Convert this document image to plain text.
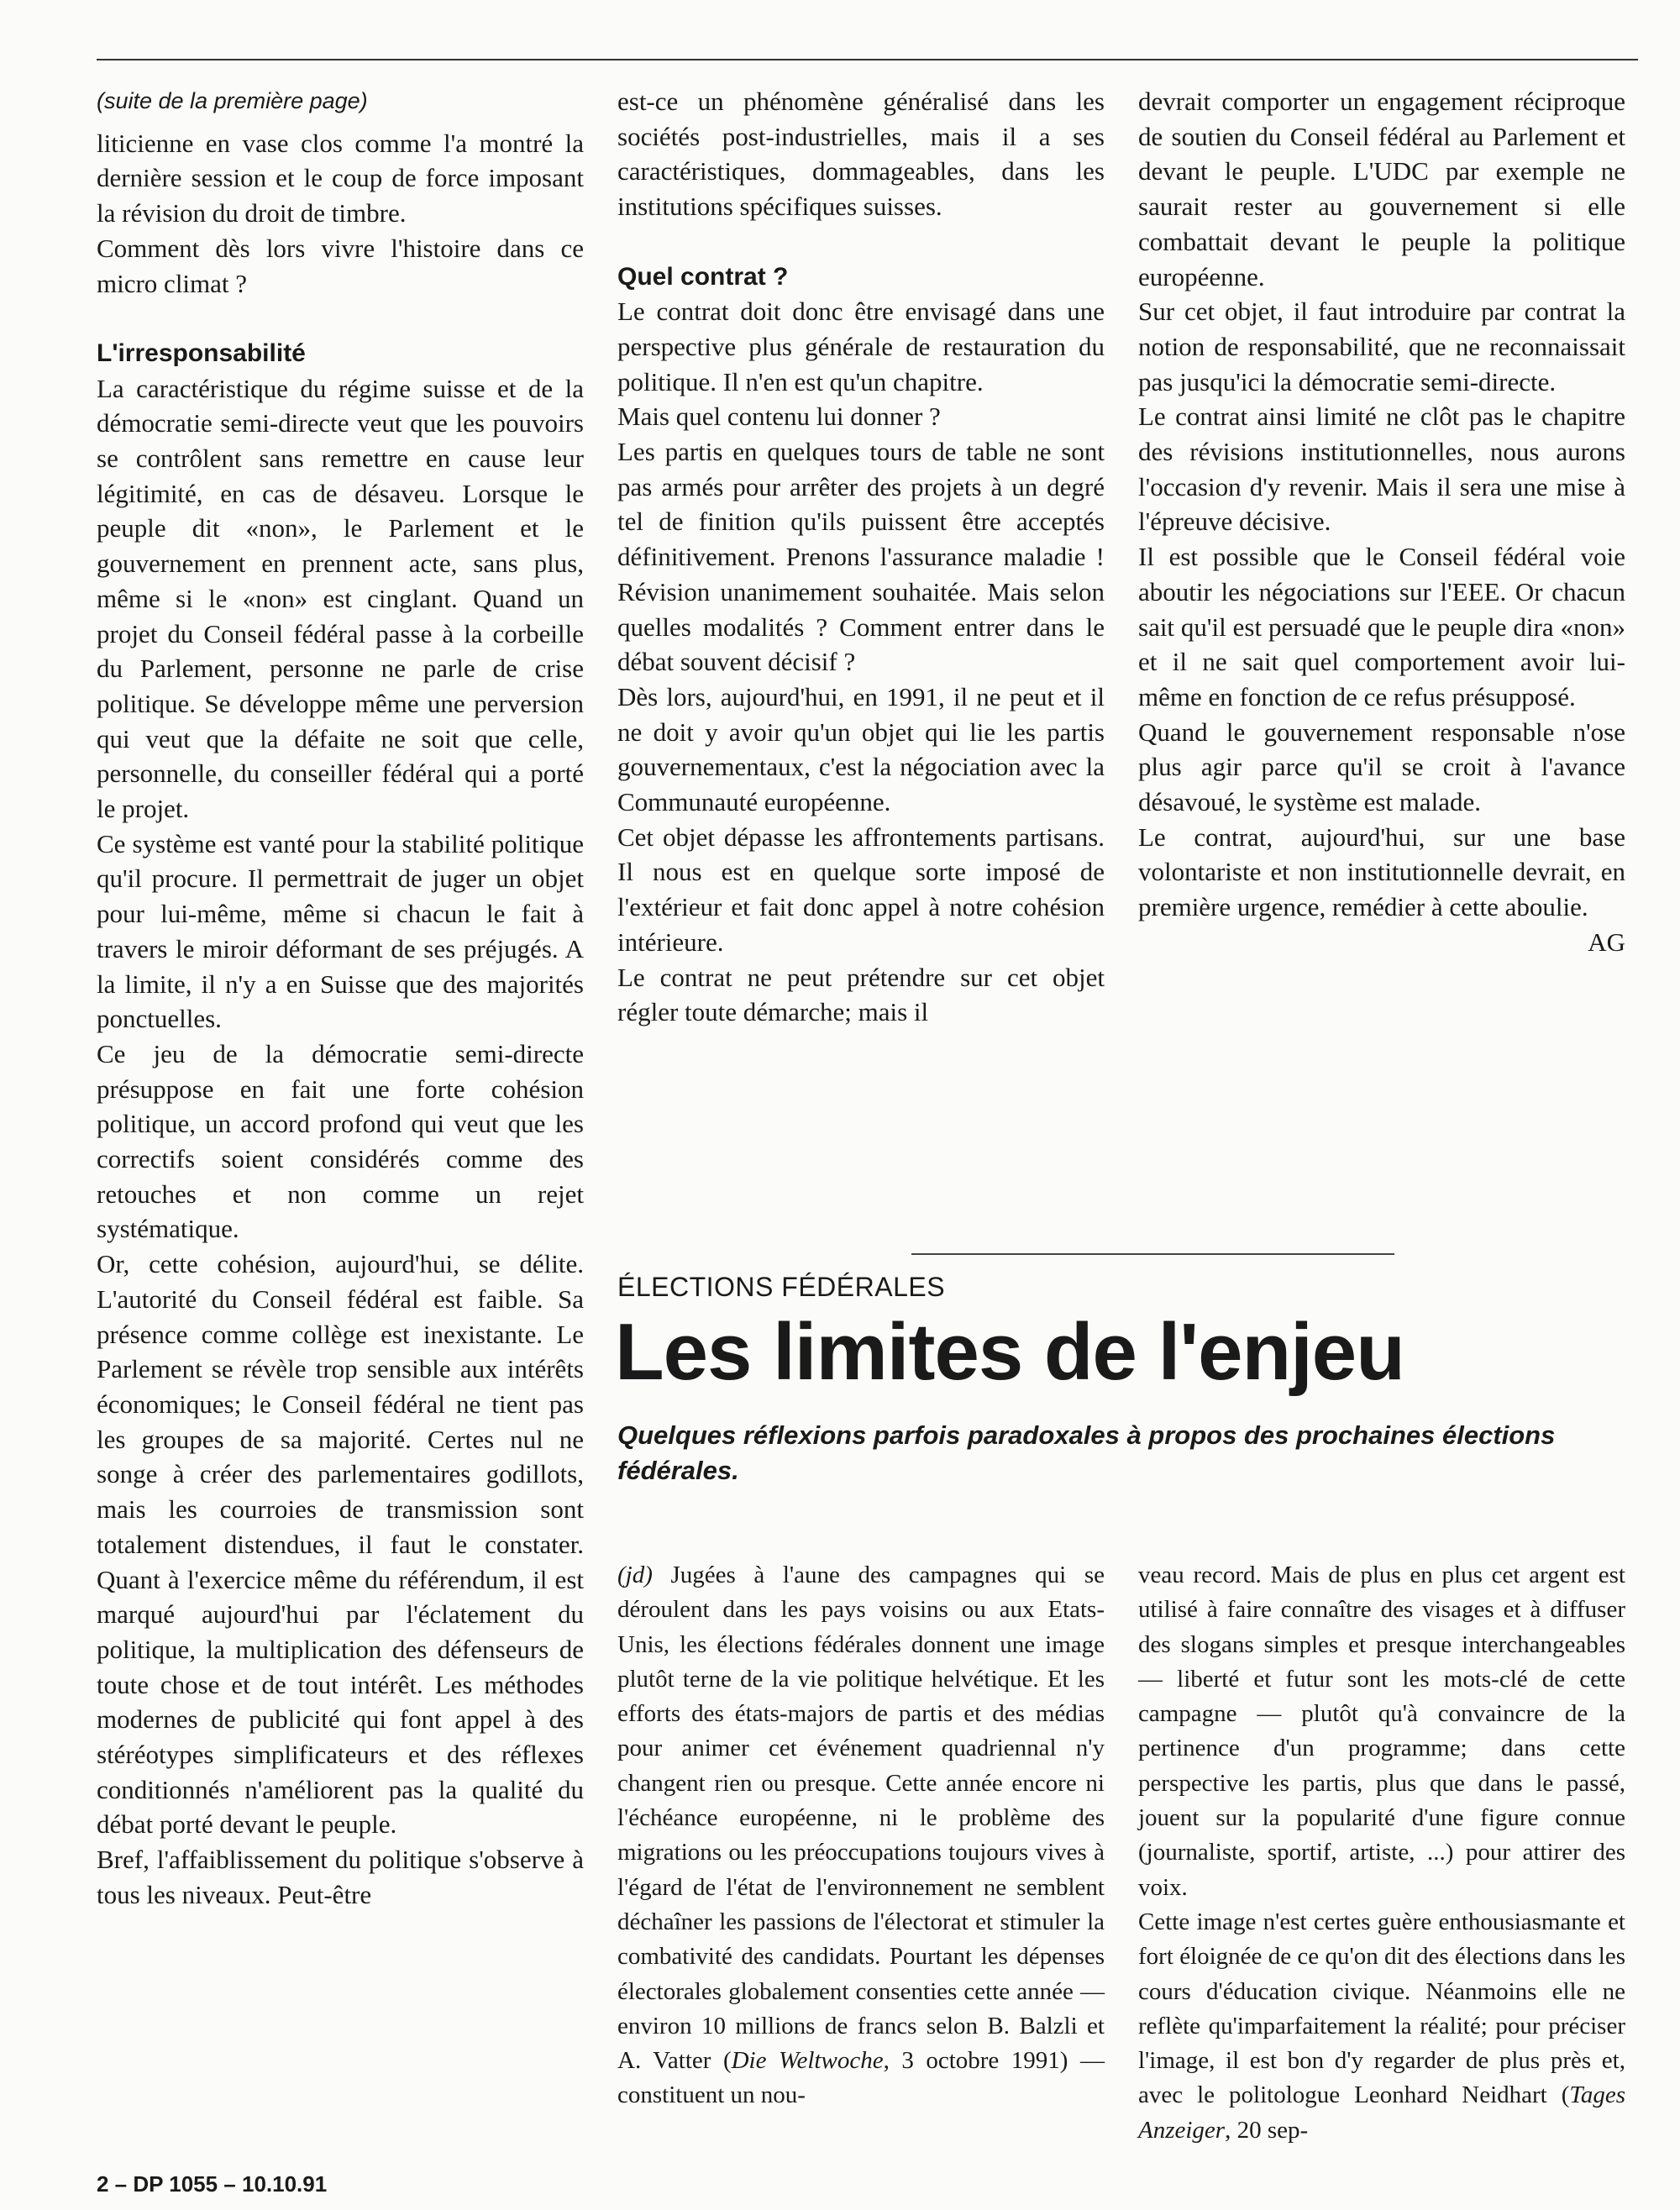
(suite de la première page)

liticienne en vase clos comme l'a montré la dernière session et le coup de force imposant la révision du droit de timbre.

Comment dès lors vivre l'histoire dans ce micro climat ?

L'irresponsabilité

La caractéristique du régime suisse et de la démocratie semi-directe veut que les pouvoirs se contrôlent sans remettre en cause leur légitimité, en cas de désaveu. Lorsque le peuple dit «non», le Parlement et le gouvernement en prennent acte, sans plus, même si le «non» est cinglant. Quand un projet du Conseil fédéral passe à la corbeille du Parlement, personne ne parle de crise politique. Se développe même une perversion qui veut que la défaite ne soit que celle, personnelle, du conseiller fédéral qui a porté le projet.

Ce système est vanté pour la stabilité politique qu'il procure. Il permettrait de juger un objet pour lui-même, même si chacun le fait à travers le miroir déformant de ses préjugés. A la limite, il n'y a en Suisse que des majorités ponctuelles.

Ce jeu de la démocratie semi-directe présuppose en fait une forte cohésion politique, un accord profond qui veut que les correctifs soient considérés comme des retouches et non comme un rejet systématique.

Or, cette cohésion, aujourd'hui, se délite. L'autorité du Conseil fédéral est faible. Sa présence comme collège est inexistante. Le Parlement se révèle trop sensible aux intérêts économiques; le Conseil fédéral ne tient pas les groupes de sa majorité. Certes nul ne songe à créer des parlementaires godillots, mais les courroies de transmission sont totalement distendues, il faut le constater. Quant à l'exercice même du référendum, il est marqué aujourd'hui par l'éclatement du politique, la multiplication des défenseurs de toute chose et de tout intérêt. Les méthodes modernes de publicité qui font appel à des stéréotypes simplificateurs et des réflexes conditionnés n'améliorent pas la qualité du débat porté devant le peuple.

Bref, l'affaiblissement du politique s'observe à tous les niveaux. Peut-être

est-ce un phénomène généralisé dans les sociétés post-industrielles, mais il a ses caractéristiques, dommageables, dans les institutions spécifiques suisses.

Quel contrat ?

Le contrat doit donc être envisagé dans une perspective plus générale de restauration du politique. Il n'en est qu'un chapitre.

Mais quel contenu lui donner ?

Les partis en quelques tours de table ne sont pas armés pour arrêter des projets à un degré tel de finition qu'ils puissent être acceptés définitivement. Prenons l'assurance maladie ! Révision unanimement souhaitée. Mais selon quelles modalités ? Comment entrer dans le débat souvent décisif ?

Dès lors, aujourd'hui, en 1991, il ne peut et il ne doit y avoir qu'un objet qui lie les partis gouvernementaux, c'est la négociation avec la Communauté européenne.

Cet objet dépasse les affrontements partisans. Il nous est en quelque sorte imposé de l'extérieur et fait donc appel à notre cohésion intérieure.

Le contrat ne peut prétendre sur cet objet régler toute démarche; mais il

devrait comporter un engagement réciproque de soutien du Conseil fédéral au Parlement et devant le peuple. L'UDC par exemple ne saurait rester au gouvernement si elle combattait devant le peuple la politique européenne.

Sur cet objet, il faut introduire par contrat la notion de responsabilité, que ne reconnaissait pas jusqu'ici la démocratie semi-directe.

Le contrat ainsi limité ne clôt pas le chapitre des révisions institutionnelles, nous aurons l'occasion d'y revenir. Mais il sera une mise à l'épreuve décisive.

Il est possible que le Conseil fédéral voie aboutir les négociations sur l'EEE. Or chacun sait qu'il est persuadé que le peuple dira «non» et il ne sait quel comportement avoir lui-même en fonction de ce refus présupposé.

Quand le gouvernement responsable n'ose plus agir parce qu'il se croit à l'avance désavoué, le système est malade.

Le contrat, aujourd'hui, sur une base volontariste et non institutionnelle devrait, en première urgence, remédier à cette aboulie.

AG

ÉLECTIONS FÉDÉRALES
Les limites de l'enjeu

Quelques réflexions parfois paradoxales à propos des prochaines élections fédérales.

(jd) Jugées à l'aune des campagnes qui se déroulent dans les pays voisins ou aux Etats-Unis, les élections fédérales donnent une image plutôt terne de la vie politique helvétique. Et les efforts des états-majors de partis et des médias pour animer cet événement quadriennal n'y changent rien ou presque. Cette année encore ni l'échéance européenne, ni le problème des migrations ou les préoccupations toujours vives à l'égard de l'état de l'environnement ne semblent déchaîner les passions de l'électorat et stimuler la combativité des candidats. Pourtant les dépenses électorales globalement consenties cette année — environ 10 millions de francs selon B. Balzli et A. Vatter (Die Weltwoche, 3 octobre 1991) — constituent un nou-

veau record. Mais de plus en plus cet argent est utilisé à faire connaître des visages et à diffuser des slogans simples et presque interchangeables — liberté et futur sont les mots-clé de cette campagne — plutôt qu'à convaincre de la pertinence d'un programme; dans cette perspective les partis, plus que dans le passé, jouent sur la popularité d'une figure connue (journaliste, sportif, artiste, ...) pour attirer des voix.

Cette image n'est certes guère enthousiasmante et fort éloignée de ce qu'on dit des élections dans les cours d'éducation civique. Néanmoins elle ne reflète qu'imparfaitement la réalité; pour préciser l'image, il est bon d'y regarder de plus près et, avec le politologue Leonhard Neidhart (Tages Anzeiger, 20 sep-

2 – DP 1055 – 10.10.91
